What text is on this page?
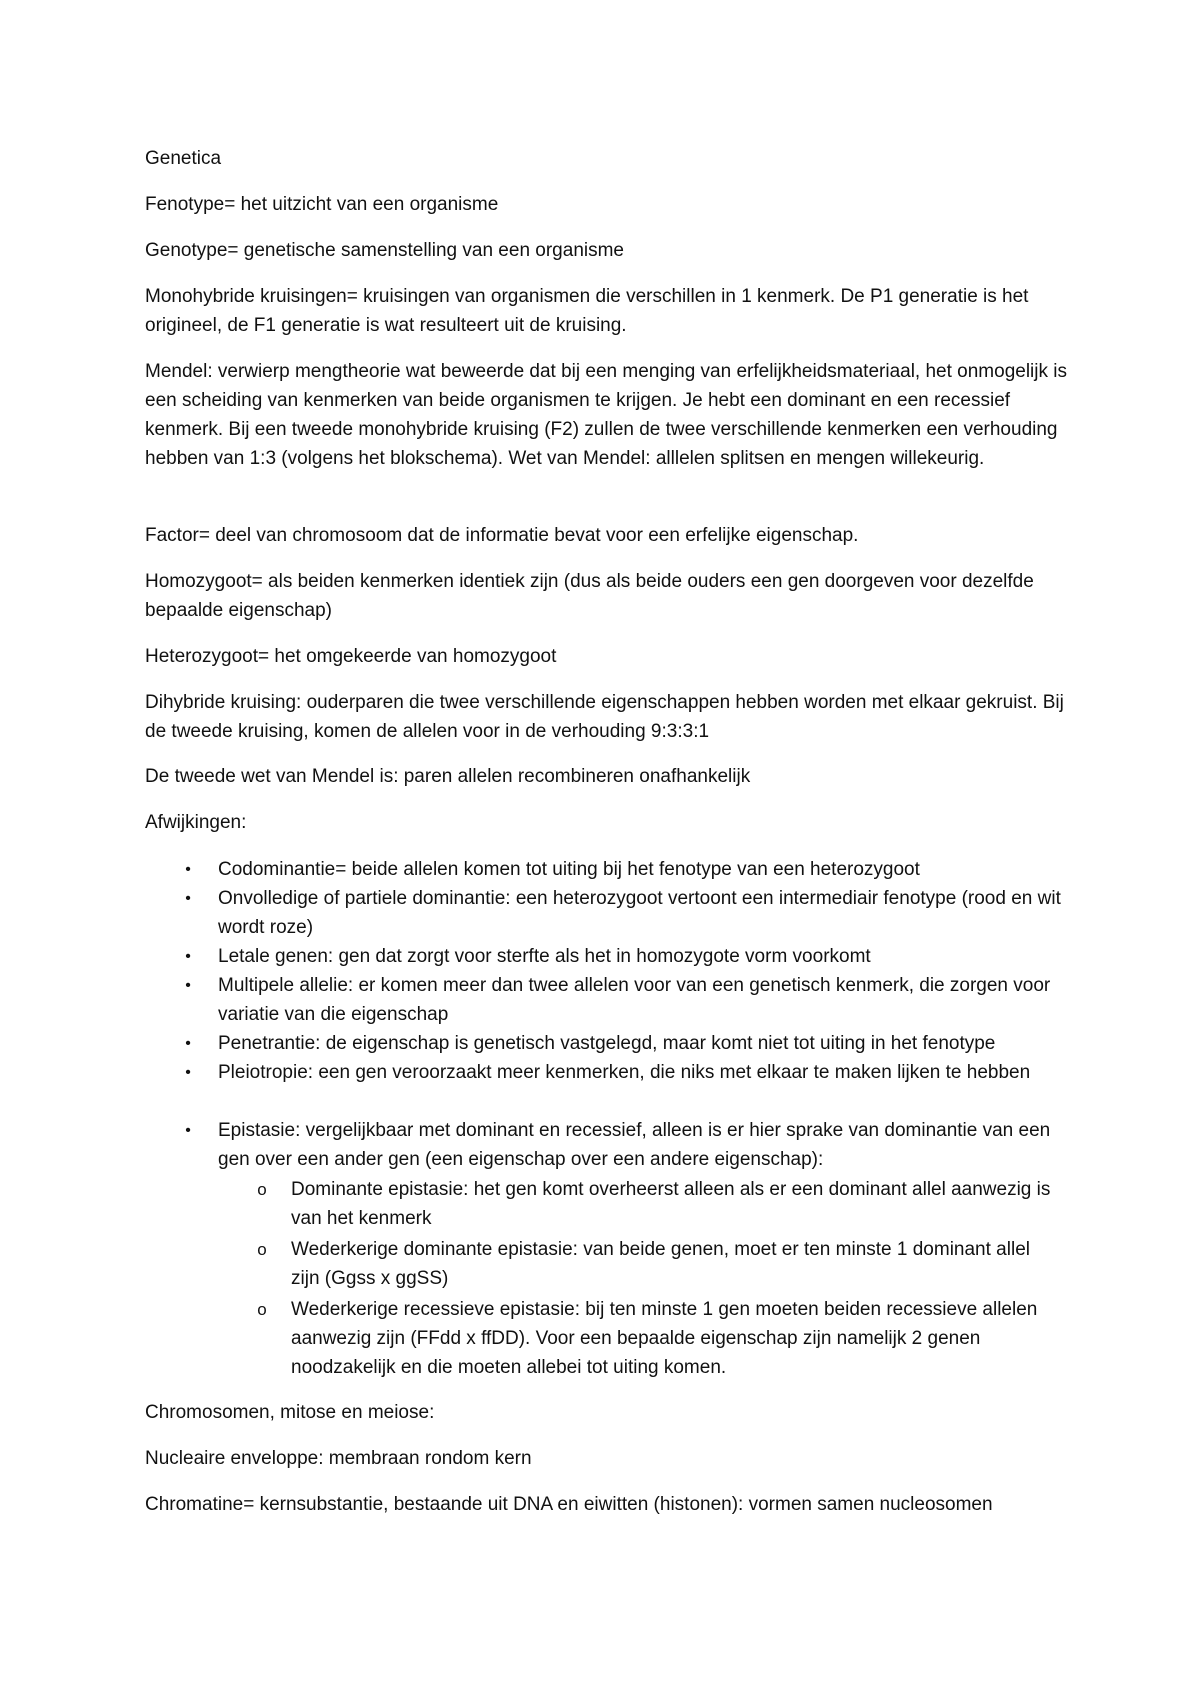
Genetica

Fenotype= het uitzicht van een organisme

Genotype= genetische samenstelling van een organisme

Monohybride kruisingen= kruisingen van organismen die verschillen in 1 kenmerk. De P1 generatie is het origineel, de F1 generatie is wat resulteert uit de kruising.

Mendel: verwierp mengtheorie wat beweerde dat bij een menging van erfelijkheidsmateriaal, het onmogelijk is een scheiding van kenmerken van beide organismen te krijgen. Je hebt een dominant en een recessief kenmerk. Bij een tweede monohybride kruising (F2) zullen de twee verschillende kenmerken een verhouding hebben van 1:3 (volgens het blokschema). Wet van Mendel: alllelen splitsen en mengen willekeurig.

Factor= deel van chromosoom dat de informatie bevat voor een erfelijke eigenschap.

Homozygoot= als beiden kenmerken identiek zijn (dus als beide ouders een gen doorgeven voor dezelfde bepaalde eigenschap)

Heterozygoot= het omgekeerde van homozygoot

Dihybride kruising: ouderparen die twee verschillende eigenschappen hebben worden met elkaar gekruist. Bij de tweede kruising, komen de allelen voor in de verhouding 9:3:3:1

De tweede wet van Mendel is: paren allelen recombineren onafhankelijk

Afwijkingen:

• Codominantie= beide allelen komen tot uiting bij het fenotype van een heterozygoot

• Onvolledige of partiele dominantie: een heterozygoot vertoont een intermediair fenotype (rood en wit wordt roze)

• Letale genen: gen dat zorgt voor sterfte als het in homozygote vorm voorkomt

• Multipele allelie: er komen meer dan twee allelen voor van een genetisch kenmerk, die zorgen voor variatie van die eigenschap

• Penetrantie: de eigenschap is genetisch vastgelegd, maar komt niet tot uiting in het fenotype

• Pleiotropie: een gen veroorzaakt meer kenmerken, die niks met elkaar te maken lijken te hebben

• Epistasie: vergelijkbaar met dominant en recessief, alleen is er hier sprake van dominantie van een gen over een ander gen (een eigenschap over een andere eigenschap):

o Dominante epistasie: het gen komt overheerst alleen als er een dominant allel aanwezig is van het kenmerk

o Wederkerige dominante epistasie: van beide genen, moet er ten minste 1 dominant allel zijn (Ggss x ggSS)

o Wederkerige recessieve epistasie: bij ten minste 1 gen moeten beiden recessieve allelen aanwezig zijn (FFdd x ffDD). Voor een bepaalde eigenschap zijn namelijk 2 genen noodzakelijk en die moeten allebei tot uiting komen.

Chromosomen, mitose en meiose:

Nucleaire enveloppe: membraan rondom kern

Chromatine= kernsubstantie, bestaande uit DNA en eiwitten (histonen): vormen samen nucleosomen
